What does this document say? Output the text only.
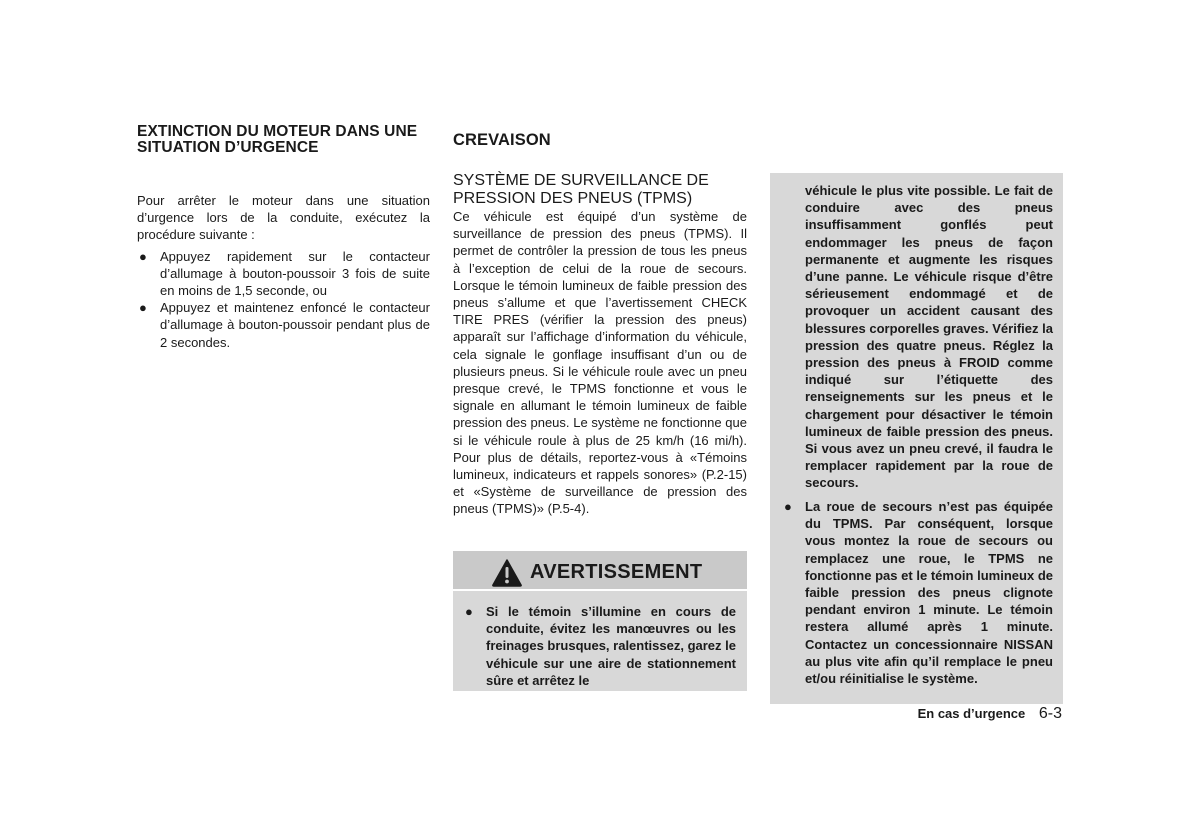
EXTINCTION DU MOTEUR DANS UNE SITUATION D’URGENCE

Pour arrêter le moteur dans une situation d’urgence lors de la conduite, exécutez la procédure suivante :

● Appuyez rapidement sur le contacteur d’allumage à bouton-poussoir 3 fois de suite en moins de 1,5 seconde, ou
● Appuyez et maintenez enfoncé le contacteur d’allumage à bouton-poussoir pendant plus de 2 secondes.
CREVAISON
SYSTÈME DE SURVEILLANCE DE PRESSION DES PNEUS (TPMS)

Ce véhicule est équipé d’un système de surveillance de pression des pneus (TPMS). Il permet de contrôler la pression de tous les pneus à l’exception de celui de la roue de secours. Lorsque le témoin lumineux de faible pression des pneus s’allume et que l’avertissement CHECK TIRE PRES (vérifier la pression des pneus) apparaît sur l’affichage d’information du véhicule, cela signale le gonflage insuffisant d’un ou de plusieurs pneus. Si le véhicule roule avec un pneu presque crevé, le TPMS fonctionne et vous le signale en allumant le témoin lumineux de faible pression des pneus. Le système ne fonctionne que si le véhicule roule à plus de 25 km/h (16 mi/h). Pour plus de détails, reportez-vous à «Témoins lumineux, indicateurs et rappels sonores» (P.2-15) et «Système de surveillance de pression des pneus (TPMS)» (P.5-4).

AVERTISSEMENT
● Si le témoin s’illumine en cours de conduite, évitez les manœuvres ou les freinages brusques, ralentissez, garez le véhicule sur une aire de stationnement sûre et arrêtez le

véhicule le plus vite possible. Le fait de conduire avec des pneus insuffisamment gonflés peut endommager les pneus de façon permanente et augmente les risques d’une panne. Le véhicule risque d’être sérieusement endommagé et de provoquer un accident causant des blessures corporelles graves. Vérifiez la pression des quatre pneus. Réglez la pression des pneus à FROID comme indiqué sur l’étiquette des renseignements sur les pneus et le chargement pour désactiver le témoin lumineux de faible pression des pneus. Si vous avez un pneu crevé, il faudra le remplacer rapidement par la roue de secours.

● La roue de secours n’est pas équipée du TPMS. Par conséquent, lorsque vous montez la roue de secours ou remplacez une roue, le TPMS ne fonctionne pas et le témoin lumineux de faible pression des pneus clignote pendant environ 1 minute. Le témoin restera allumé après 1 minute. Contactez un concessionnaire NISSAN au plus vite afin qu’il remplace le pneu et/ou réinitialise le système.
En cas d’urgence 6-3
